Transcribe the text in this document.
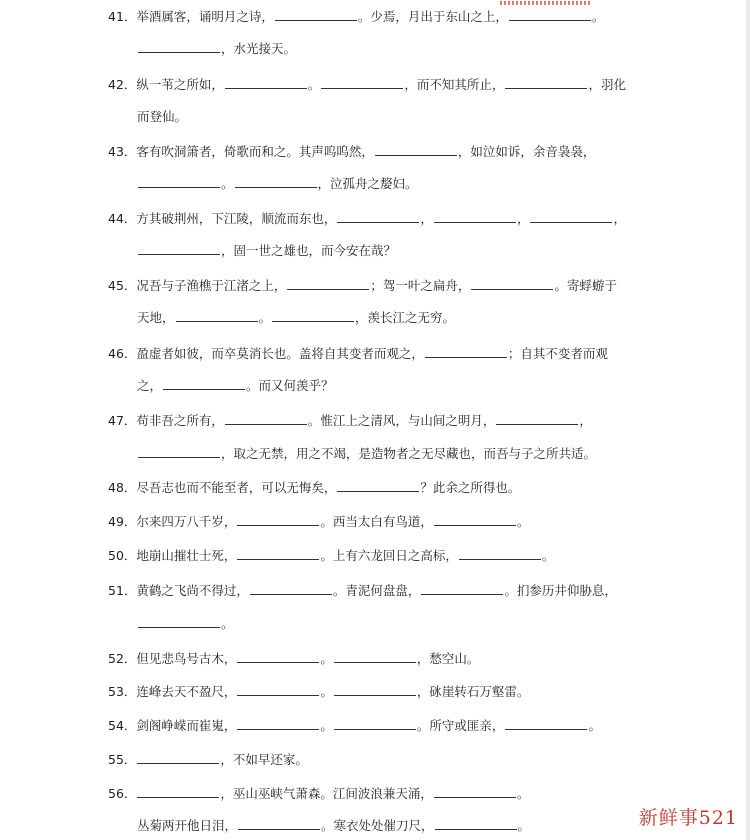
41．举酒属客，诵明月之诗，	。少焉，月出于东山之上，	。
，水光接天。
42．纵一苇之所如，	。	，而不知其所止，	，羽化
而登仙。
43．客有吹洞箫者，倚歌而和之。其声呜呜然，	，如泣如诉，余音袅袅，
。	，泣孤舟之嫠妇。
44．方其破荆州，下江陵，顺流而东也，	，	，	，
，固一世之雄也，而今安在哉？
45．况吾与子渔樵于江渚之上，	；驾一叶之扁舟，	。寄蜉蝣于
天地，	。	，羡长江之无穷。
46．盈虚者如彼，而卒莫消长也。盖将自其变者而观之，	；自其不变者而观
之，	。而又何羡乎？
47．苟非吾之所有，	。惟江上之清风，与山间之明月，	，
，取之无禁，用之不竭，是造物者之无尽藏也，而吾与子之所共适。
48．尽吾志也而不能至者，可以无悔矣，	？此余之所得也。
49．尔来四万八千岁，	。西当太白有鸟道，	。
50．地崩山摧壮士死，	。上有六龙回日之高标，	。
51．黄鹤之飞尚不得过，	。青泥何盘盘，	。扪参历井仰胁息，
。
52．但见悲鸟号古木，	。	，愁空山。
53．连峰去天不盈尺，	。	，砯崖转石万壑雷。
54．剑阁峥嵘而崔嵬，	。	。所守或匪亲，	。
55．	，不如早还家。
56．	，巫山巫峡气萧森。江间波浪兼天涌，	。
丛菊两开他日泪，	。寒衣处处催刀尺，	。	新鲜事521
